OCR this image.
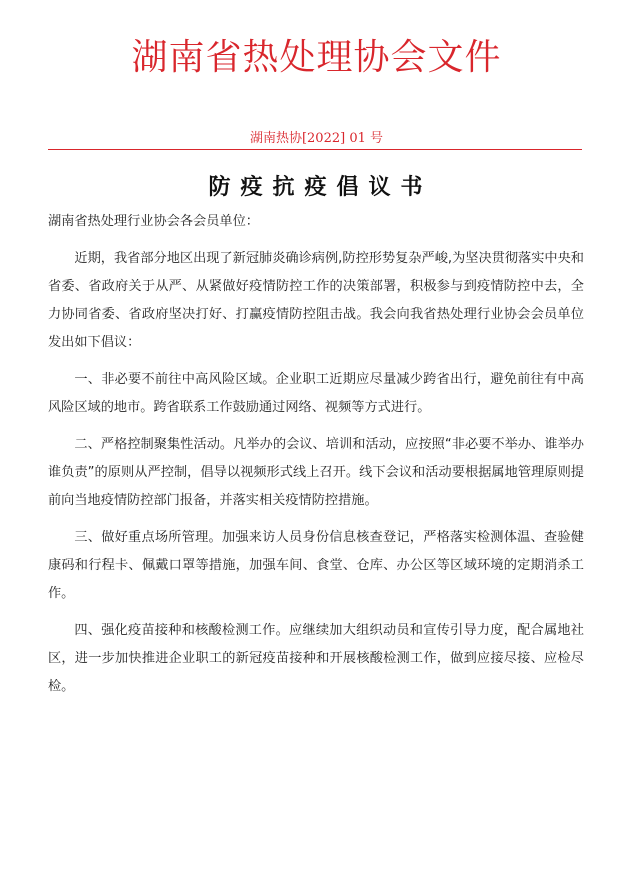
湖南省热处理协会文件
湖南热协[2022] 01 号
防疫抗疫倡议书

湖南省热处理行业协会各会员单位：

近期，我省部分地区出现了新冠肺炎确诊病例,防控形势复杂严峻,为坚决贯彻落实中央和省委、省政府关于从严、从紧做好疫情防控工作的决策部署，积极参与到疫情防控中去，全力协同省委、省政府坚决打好、打赢疫情防控阻击战。我会向我省热处理行业协会会员单位发出如下倡议：

一、非必要不前往中高风险区域。企业职工近期应尽量减少跨省出行，避免前往有中高风险区域的地市。跨省联系工作鼓励通过网络、视频等方式进行。

二、严格控制聚集性活动。凡举办的会议、培训和活动，应按照“非必要不举办、谁举办谁负责”的原则从严控制，倡导以视频形式线上召开。线下会议和活动要根据属地管理原则提前向当地疫情防控部门报备，并落实相关疫情防控措施。

三、做好重点场所管理。加强来访人员身份信息核查登记，严格落实检测体温、查验健康码和行程卡、佩戴口罩等措施，加强车间、食堂、仓库、办公区等区域环境的定期消杀工作。

四、强化疫苗接种和核酸检测工作。应继续加大组织动员和宣传引导力度，配合属地社区，进一步加快推进企业职工的新冠疫苗接种和开展核酸检测工作，做到应接尽接、应检尽检。
